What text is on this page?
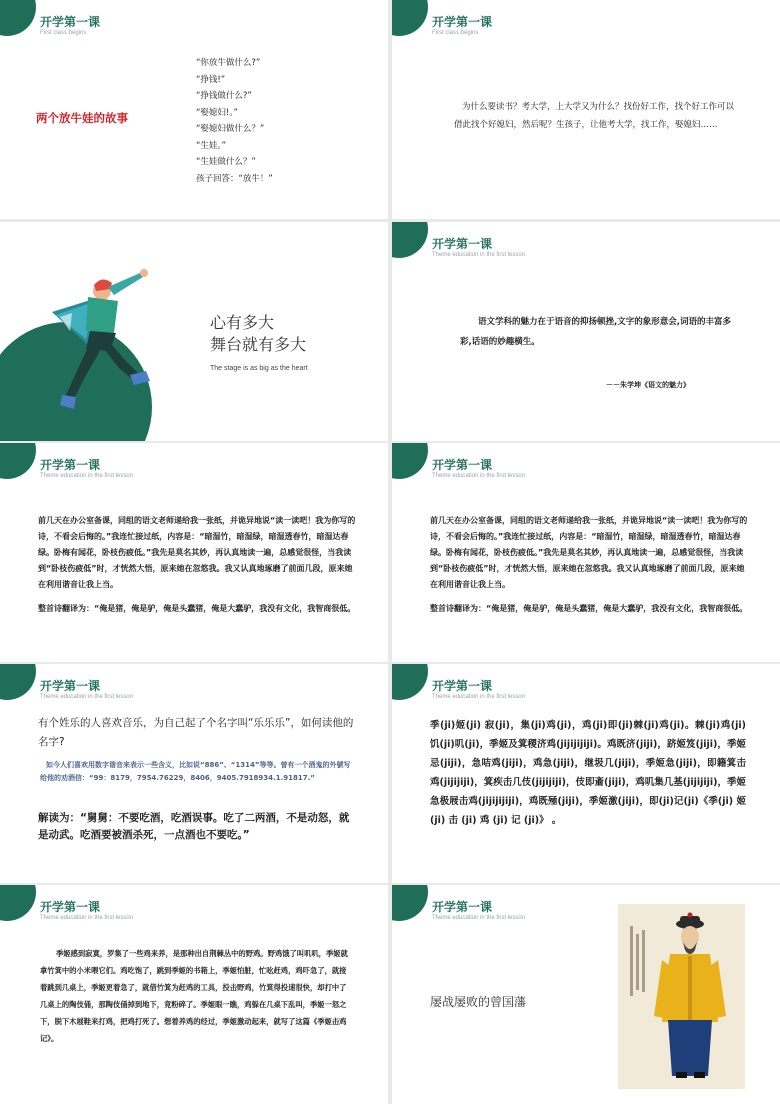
开学第一课
First class begins
两个放牛娃的故事
“你放牛做什么?”
“挣钱!”
“挣钱做什么?”
“娶媳妇!。”
“娶媳妇做什么？”
“生娃。”
“生娃做什么？”
孩子回答：“放牛！”
开学第一课
First class begins
为什么要读书？考大学，上大学又为什么？找份好工作，找个好工作可以借此找个好媳妇，然后呢？生孩子，让他考大学，找工作，娶媳妇……
心有多大
舞台就有多大
The stage is as big as the heart
开学第一课
Theme education in the first lesson
语文学科的魅力在于语音的抑扬顿挫,文字的象形意会,词语的丰富多彩,话语的妙趣横生。
－－朱学坤《语文的魅力》
开学第一课
Theme education in the first lesson
前几天在办公室备课，同组的语文老师递给我一张纸，并诡异地说“读一读吧！我为你写的诗，不看会后悔的。”我连忙接过纸，内容是：“暗湿竹，暗湿绿，暗湿透春竹，暗湿达春绿。卧梅有闻花，卧枝伤疲低。”我先是莫名其妙，再认真地读一遍，总感觉很怪，当我读到“卧枝伤疲低”时，才恍然大悟，原来她在忽悠我。我又认真地琢磨了前面几段，原来她在利用谐音让我上当。
整首诗翻译为：“俺是猪，俺是驴，俺是头蠢猪，俺是大蠢驴，我没有文化，我智商很低。
开学第一课
Theme education in the first lesson
前几天在办公室备课，同组的语文老师递给我一张纸，并诡异地说“读一读吧！我为你写的诗，不看会后悔的。”我连忙接过纸，内容是：“暗湿竹，暗湿绿，暗湿透春竹，暗湿达春绿。卧梅有闻花，卧枝伤疲低。”我先是莫名其妙，再认真地读一遍，总感觉很怪，当我读到“卧枝伤疲低”时，才恍然大悟，原来她在忽悠我。我又认真地琢磨了前面几段，原来她在利用谐音让我上当。
整首诗翻译为：“俺是猪，俺是驴，俺是头蠢猪，俺是大蠢驴，我没有文化，我智商很低。
开学第一课
Theme education in the first lesson
有个姓乐的人喜欢音乐，为自己起了个名字叫“乐乐乐”，如何读他的名字?
如今人们喜欢用数字谐音来表示一些含义，比如说“886”、“1314”等等。曾有一个酒鬼的外號写给他的劝酒信：“99：8179，7954.76229，8406，9405.7918934.1.91817.”
解读为：“舅舅：不要吃酒，吃酒误事。吃了二两酒，不是动怒，就是动武。吃酒要被酒杀死，一点酒也不要吃。”
开学第一课
Theme education in the first lesson
季(ji)姬(ji) 寂(ji)，集(ji)鸡(ji)，鸡(ji)即(ji)棘(ji)鸡(ji)。棘(ji)鸡(ji) 饥(ji)叽(ji)，季姬及箕稷济鸡(jijijijiji)。鸡既济(jiji)，跻姬笈(jiji)，季姬忌(jiji)，急咭鸡(jiji)，鸡急(jiji)，继圾几(jiji)，季姬急(jiji)，即籍箕击鸡(jijijiji)，箕疾击几伎(jijijiji)，伎即齑(jiji)，鸡叽集几基(jijijiji)，季姬急极屐击鸡(jijijijiji)，鸡既殛(jiji)，季姬激(jiji)，即(ji)记(ji)《季(ji) 姬 (ji) 击 (ji) 鸡 (ji) 记 (ji)》 。
开学第一课
Theme education in the first lesson
季姬感到寂寞，罗集了一些鸡来养，是那种出自荆棘丛中的野鸡。野鸡饿了叫叽叽，季姬就拿竹箕中的小米喂它们。鸡吃饱了，跳到季姬的书箱上，季姬怕脏，忙吆赶鸡，鸡吓急了，就接着跳到几桌上，季姬更着急了，就借竹箕为赶鸡的工具，投击野鸡，竹箕得投速很快，却打中了几桌上的陶伎俑，那陶伎俑掉到地下，竟粉碎了。季姬眼一瞧，鸡躲在几桌下乱叫，季姬一怒之下，脱下木屐鞋来打鸡，把鸡打死了。想着养鸡的经过，季姬激动起来，就写了这篇《季姬击鸡记》。
开学第一课
Theme education in the first lesson
屡战屡败的曾国藩
